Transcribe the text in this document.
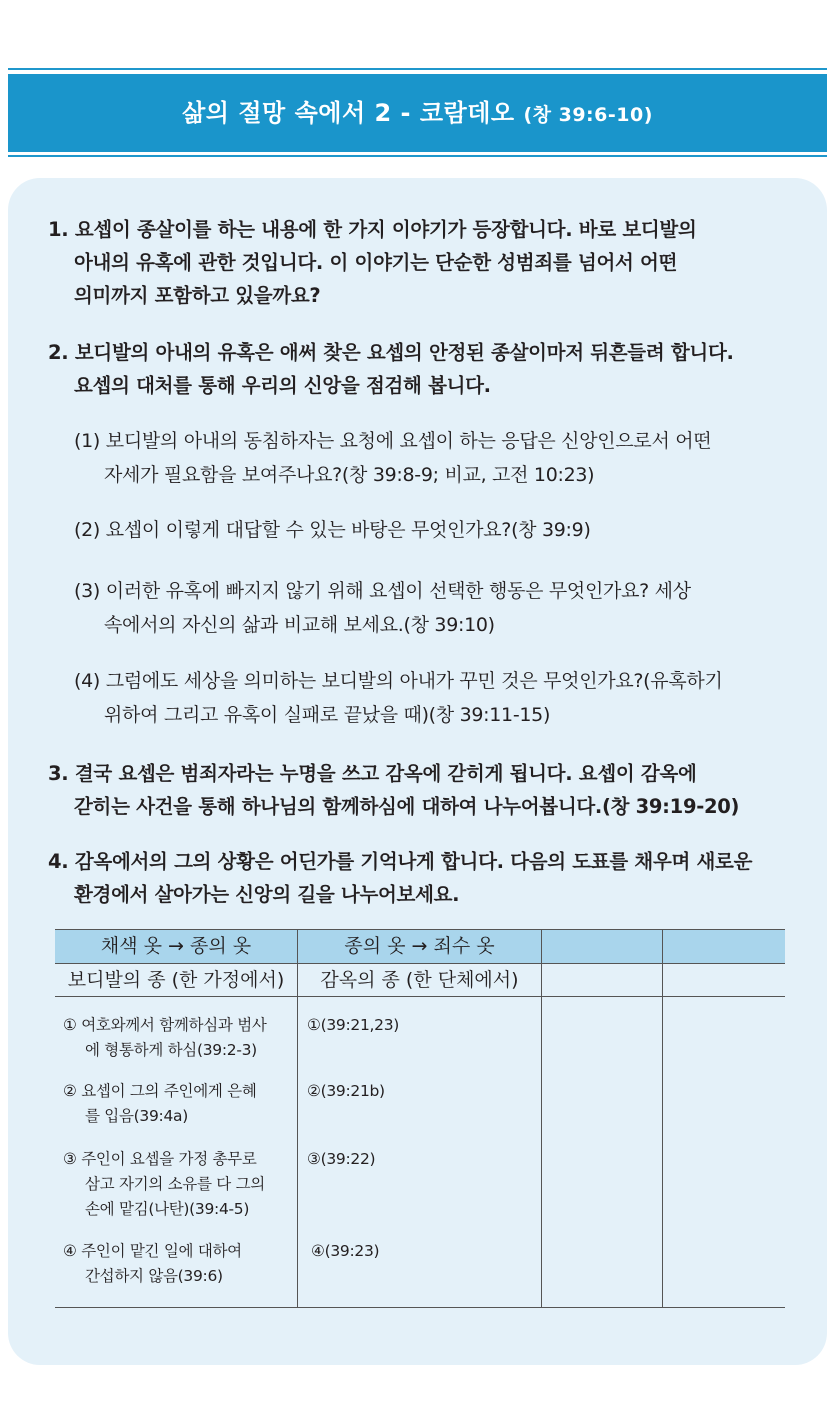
삶의 절망 속에서 2 - 코람데오 (창 39:6-10)
1. 요셉이 종살이를 하는 내용에 한 가지 이야기가 등장합니다. 바로 보디발의
아내의 유혹에 관한 것입니다. 이 이야기는 단순한 성범죄를 넘어서 어떤
의미까지 포함하고 있을까요?
2. 보디발의 아내의 유혹은 애써 찾은 요셉의 안정된 종살이마저 뒤흔들려 합니다.
요셉의 대처를 통해 우리의 신앙을 점검해 봅니다.
(1) 보디발의 아내의 동침하자는 요청에 요셉이 하는 응답은 신앙인으로서 어떤
자세가 필요함을 보여주나요?(창 39:8-9; 비교, 고전 10:23)
(2) 요셉이 이렇게 대답할 수 있는 바탕은 무엇인가요?(창 39:9)
(3) 이러한 유혹에 빠지지 않기 위해 요셉이 선택한 행동은 무엇인가요? 세상
속에서의 자신의 삶과 비교해 보세요.(창 39:10)
(4) 그럼에도 세상을 의미하는 보디발의 아내가 꾸민 것은 무엇인가요?(유혹하기
위하여 그리고 유혹이 실패로 끝났을 때)(창 39:11-15)
3. 결국 요셉은 범죄자라는 누명을 쓰고 감옥에 갇히게 됩니다. 요셉이 감옥에
갇히는 사건을 통해 하나님의 함께하심에 대하여 나누어봅니다.(창 39:19-20)
4. 감옥에서의 그의 상황은 어딘가를 기억나게 합니다. 다음의 도표를 채우며 새로운
환경에서 살아가는 신앙의 길을 나누어보세요.
채색 옷 → 종의 옷	종의 옷 → 죄수 옷
보디발의 종 (한 가정에서)	감옥의 종 (한 단체에서)
① 여호와께서 함께하심과 범사
에 형통하게 하심(39:2-3)
①(39:21,23)
② 요셉이 그의 주인에게 은혜
를 입음(39:4a)
②(39:21b)
③ 주인이 요셉을 가정 총무로
삼고 자기의 소유를 다 그의
손에 맡김(나탄)(39:4-5)
③(39:22)
④ 주인이 맡긴 일에 대하여
간섭하지 않음(39:6)
④(39:23)
